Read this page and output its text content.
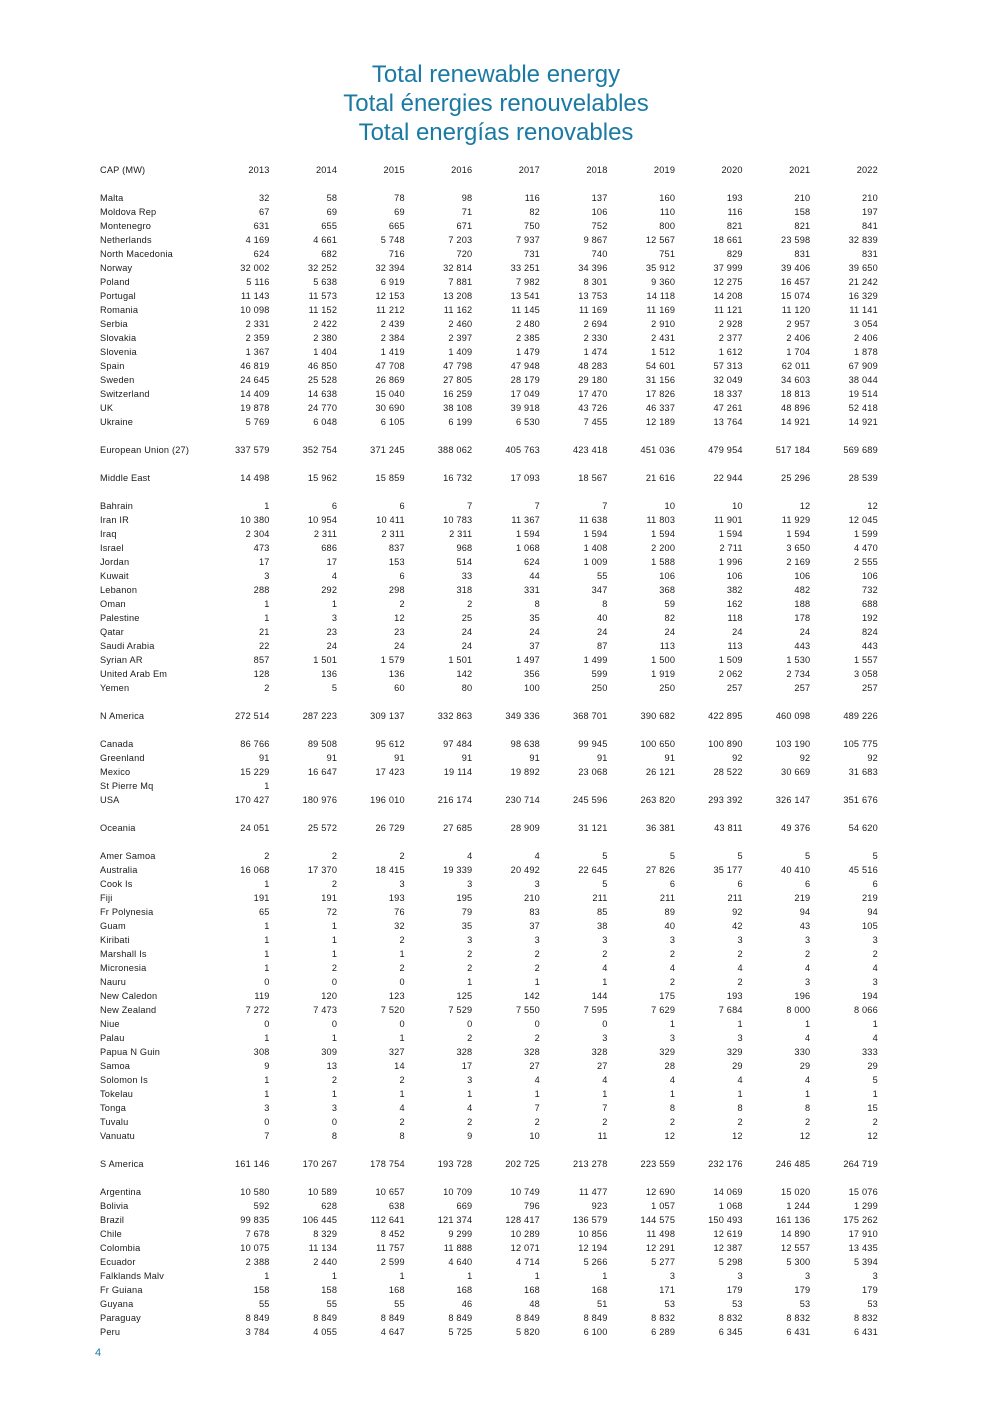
Total renewable energy
Total énergies renouvelables
Total energías renovables
CAP (MW)	2013	2014	2015	2016	2017	2018	2019	2020	2021	2022
Malta	32	58	78	98	116	137	160	193	210	210
Moldova Rep	67	69	69	71	82	106	110	116	158	197
Montenegro	631	655	665	671	750	752	800	821	821	841
Netherlands	4 169	4 661	5 748	7 203	7 937	9 867	12 567	18 661	23 598	32 839
North Macedonia	624	682	716	720	731	740	751	829	831	831
Norway	32 002	32 252	32 394	32 814	33 251	34 396	35 912	37 999	39 406	39 650
Poland	5 116	5 638	6 919	7 881	7 982	8 301	9 360	12 275	16 457	21 242
Portugal	11 143	11 573	12 153	13 208	13 541	13 753	14 118	14 208	15 074	16 329
Romania	10 098	11 152	11 212	11 162	11 145	11 169	11 169	11 121	11 120	11 141
Serbia	2 331	2 422	2 439	2 460	2 480	2 694	2 910	2 928	2 957	3 054
Slovakia	2 359	2 380	2 384	2 397	2 385	2 330	2 431	2 377	2 406	2 406
Slovenia	1 367	1 404	1 419	1 409	1 479	1 474	1 512	1 612	1 704	1 878
Spain	46 819	46 850	47 708	47 798	47 948	48 283	54 601	57 313	62 011	67 909
Sweden	24 645	25 528	26 869	27 805	28 179	29 180	31 156	32 049	34 603	38 044
Switzerland	14 409	14 638	15 040	16 259	17 049	17 470	17 826	18 337	18 813	19 514
UK	19 878	24 770	30 690	38 108	39 918	43 726	46 337	47 261	48 896	52 418
Ukraine	5 769	6 048	6 105	6 199	6 530	7 455	12 189	13 764	14 921	14 921
European Union (27)	337 579	352 754	371 245	388 062	405 763	423 418	451 036	479 954	517 184	569 689
Middle East	14 498	15 962	15 859	16 732	17 093	18 567	21 616	22 944	25 296	28 539
Bahrain	1	6	6	7	7	7	10	10	12	12
Iran IR	10 380	10 954	10 411	10 783	11 367	11 638	11 803	11 901	11 929	12 045
Iraq	2 304	2 311	2 311	2 311	1 594	1 594	1 594	1 594	1 594	1 599
Israel	473	686	837	968	1 068	1 408	2 200	2 711	3 650	4 470
Jordan	17	17	153	514	624	1 009	1 588	1 996	2 169	2 555
Kuwait	3	4	6	33	44	55	106	106	106	106
Lebanon	288	292	298	318	331	347	368	382	482	732
Oman	1	1	2	2	8	8	59	162	188	688
Palestine	1	3	12	25	35	40	82	118	178	192
Qatar	21	23	23	24	24	24	24	24	24	824
Saudi Arabia	22	24	24	24	37	87	113	113	443	443
Syrian AR	857	1 501	1 579	1 501	1 497	1 499	1 500	1 509	1 530	1 557
United Arab Em	128	136	136	142	356	599	1 919	2 062	2 734	3 058
Yemen	2	5	60	80	100	250	250	257	257	257
N America	272 514	287 223	309 137	332 863	349 336	368 701	390 682	422 895	460 098	489 226
Canada	86 766	89 508	95 612	97 484	98 638	99 945	100 650	100 890	103 190	105 775
Greenland	91	91	91	91	91	91	91	92	92	92
Mexico	15 229	16 647	17 423	19 114	19 892	23 068	26 121	28 522	30 669	31 683
St Pierre Mq	1
USA	170 427	180 976	196 010	216 174	230 714	245 596	263 820	293 392	326 147	351 676
Oceania	24 051	25 572	26 729	27 685	28 909	31 121	36 381	43 811	49 376	54 620
Amer Samoa	2	2	2	4	4	5	5	5	5	5
Australia	16 068	17 370	18 415	19 339	20 492	22 645	27 826	35 177	40 410	45 516
Cook Is	1	2	3	3	3	5	6	6	6	6
Fiji	191	191	193	195	210	211	211	211	219	219
Fr Polynesia	65	72	76	79	83	85	89	92	94	94
Guam	1	1	32	35	37	38	40	42	43	105
Kiribati	1	1	2	3	3	3	3	3	3	3
Marshall Is	1	1	1	2	2	2	2	2	2	2
Micronesia	1	2	2	2	2	4	4	4	4	4
Nauru	0	0	0	1	1	1	2	2	3	3
New Caledon	119	120	123	125	142	144	175	193	196	194
New Zealand	7 272	7 473	7 520	7 529	7 550	7 595	7 629	7 684	8 000	8 066
Niue	0	0	0	0	0	0	1	1	1	1
Palau	1	1	1	2	2	3	3	3	4	4
Papua N Guin	308	309	327	328	328	328	329	329	330	333
Samoa	9	13	14	17	27	27	28	29	29	29
Solomon Is	1	2	2	3	4	4	4	4	4	5
Tokelau	1	1	1	1	1	1	1	1	1	1
Tonga	3	3	4	4	7	7	8	8	8	15
Tuvalu	0	0	2	2	2	2	2	2	2	2
Vanuatu	7	8	8	9	10	11	12	12	12	12
S America	161 146	170 267	178 754	193 728	202 725	213 278	223 559	232 176	246 485	264 719
Argentina	10 580	10 589	10 657	10 709	10 749	11 477	12 690	14 069	15 020	15 076
Bolivia	592	628	638	669	796	923	1 057	1 068	1 244	1 299
Brazil	99 835	106 445	112 641	121 374	128 417	136 579	144 575	150 493	161 136	175 262
Chile	7 678	8 329	8 452	9 299	10 289	10 856	11 498	12 619	14 890	17 910
Colombia	10 075	11 134	11 757	11 888	12 071	12 194	12 291	12 387	12 557	13 435
Ecuador	2 388	2 440	2 599	4 640	4 714	5 266	5 277	5 298	5 300	5 394
Falklands Malv	1	1	1	1	1	1	3	3	3	3
Fr Guiana	158	158	168	168	168	168	171	179	179	179
Guyana	55	55	55	46	48	51	53	53	53	53
Paraguay	8 849	8 849	8 849	8 849	8 849	8 849	8 832	8 832	8 832	8 832
Peru	3 784	4 055	4 647	5 725	5 820	6 100	6 289	6 345	6 431	6 431
4
